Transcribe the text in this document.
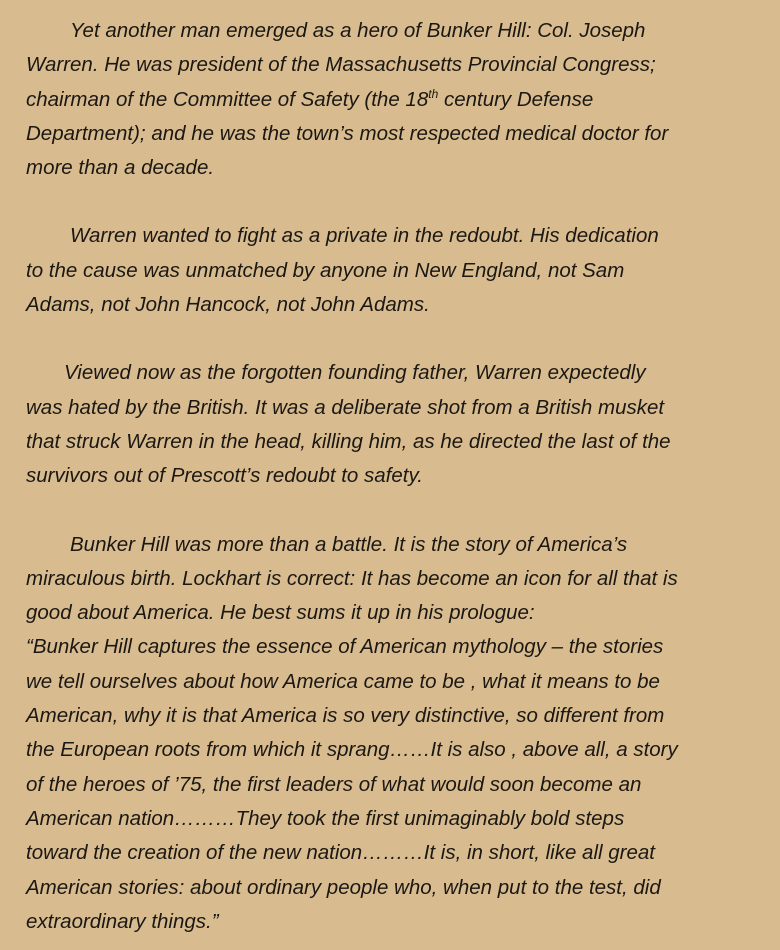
Yet another man emerged as a hero of Bunker Hill: Col. Joseph
Warren. He was president of the Massachusetts Provincial Congress;
chairman of the Committee of Safety (the 18th century Defense
Department); and he was the town’s most respected medical doctor for
more than a decade.

Warren wanted to fight as a private in the redoubt. His dedication
to the cause was unmatched by anyone in New England, not Sam
Adams, not John Hancock, not John Adams.

Viewed now as the forgotten founding father, Warren expectedly
was hated by the British. It was a deliberate shot from a British musket
that struck Warren in the head, killing him, as he directed the last of the
survivors out of Prescott’s redoubt to safety.

Bunker Hill was more than a battle. It is the story of America’s
miraculous birth. Lockhart is correct: It has become an icon for all that is
good about America. He best sums it up in his prologue:
“Bunker Hill captures the essence of American mythology – the stories
we tell ourselves about how America came to be , what it means to be
American, why it is that America is so very distinctive, so different from
the European roots from which it sprang……It is also , above all, a story
of the heroes of ’75, the first leaders of what would soon become an
American nation………They took the first unimaginably bold steps
toward the creation of the new nation………It is, in short, like all great
American stories: about ordinary people who, when put to the test, did
extraordinary things.”
